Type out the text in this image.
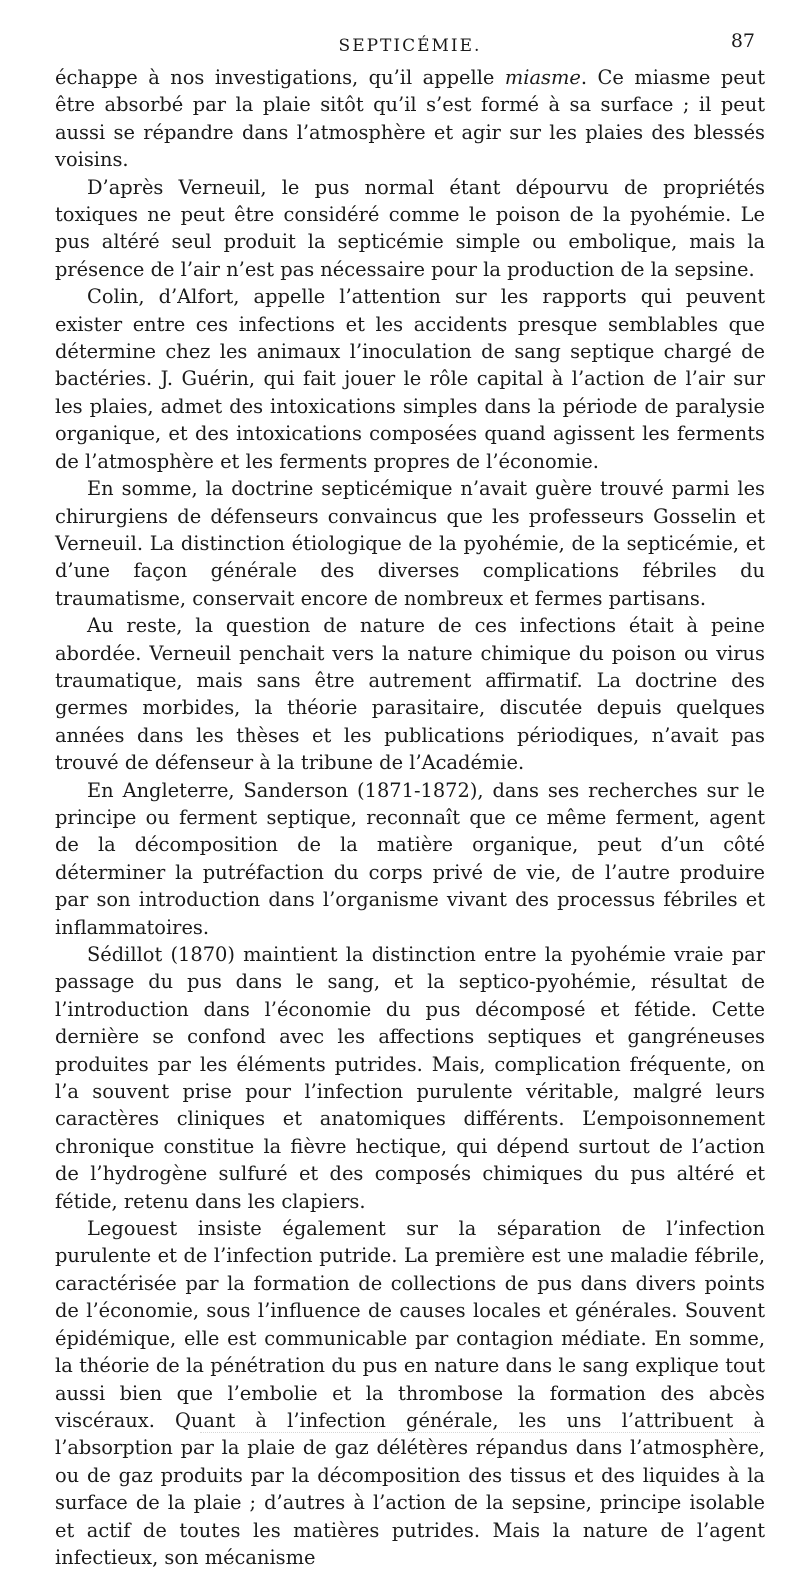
SEPTICÉMIE.	87

échappe à nos investigations, qu’il appelle miasme. Ce miasme peut être absorbé par la plaie sitôt qu’il s’est formé à sa surface ; il peut aussi se répandre dans l’atmosphère et agir sur les plaies des blessés voisins.

D’après Verneuil, le pus normal étant dépourvu de propriétés toxiques ne peut être considéré comme le poison de la pyohémie. Le pus altéré seul produit la septicémie simple ou embolique, mais la présence de l’air n’est pas nécessaire pour la production de la sepsine.

Colin, d’Alfort, appelle l’attention sur les rapports qui peuvent exister entre ces infections et les accidents presque semblables que détermine chez les animaux l’inoculation de sang septique chargé de bactéries. J. Guérin, qui fait jouer le rôle capital à l’action de l’air sur les plaies, admet des intoxications simples dans la période de paralysie organique, et des intoxications composées quand agissent les ferments de l’atmosphère et les ferments propres de l’économie.

En somme, la doctrine septicémique n’avait guère trouvé parmi les chirurgiens de défenseurs convaincus que les professeurs Gosselin et Verneuil. La distinction étiologique de la pyohémie, de la septicémie, et d’une façon générale des diverses complications fébriles du traumatisme, conservait encore de nombreux et fermes partisans.

Au reste, la question de nature de ces infections était à peine abordée. Verneuil penchait vers la nature chimique du poison ou virus traumatique, mais sans être autrement affirmatif. La doctrine des germes morbides, la théorie parasitaire, discutée depuis quelques années dans les thèses et les publications périodiques, n’avait pas trouvé de défenseur à la tribune de l’Académie.

En Angleterre, Sanderson (1871-1872), dans ses recherches sur le principe ou ferment septique, reconnaît que ce même ferment, agent de la décomposition de la matière organique, peut d’un côté déterminer la putréfaction du corps privé de vie, de l’autre produire par son introduction dans l’organisme vivant des processus fébriles et inflammatoires.

Sédillot (1870) maintient la distinction entre la pyohémie vraie par passage du pus dans le sang, et la septico-pyohémie, résultat de l’introduction dans l’économie du pus décomposé et fétide. Cette dernière se confond avec les affections septiques et gangréneuses produites par les éléments putrides. Mais, complication fréquente, on l’a souvent prise pour l’infection purulente véritable, malgré leurs caractères cliniques et anatomiques différents. L’empoisonnement chronique constitue la fièvre hectique, qui dépend surtout de l’action de l’hydrogène sulfuré et des composés chimiques du pus altéré et fétide, retenu dans les clapiers.

Legouest insiste également sur la séparation de l’infection purulente et de l’infection putride. La première est une maladie fébrile, caractérisée par la formation de collections de pus dans divers points de l’économie, sous l’influence de causes locales et générales. Souvent épidémique, elle est communicable par contagion médiate. En somme, la théorie de la pénétration du pus en nature dans le sang explique tout aussi bien que l’embolie et la thrombose la formation des abcès viscéraux. Quant à l’infection générale, les uns l’attribuent à l’absorption par la plaie de gaz délétères répandus dans l’atmosphère, ou de gaz produits par la décomposition des tissus et des liquides à la surface de la plaie ; d’autres à l’action de la sepsine, principe isolable et actif de toutes les matières putrides. Mais la nature de l’agent infectieux, son mécanisme
